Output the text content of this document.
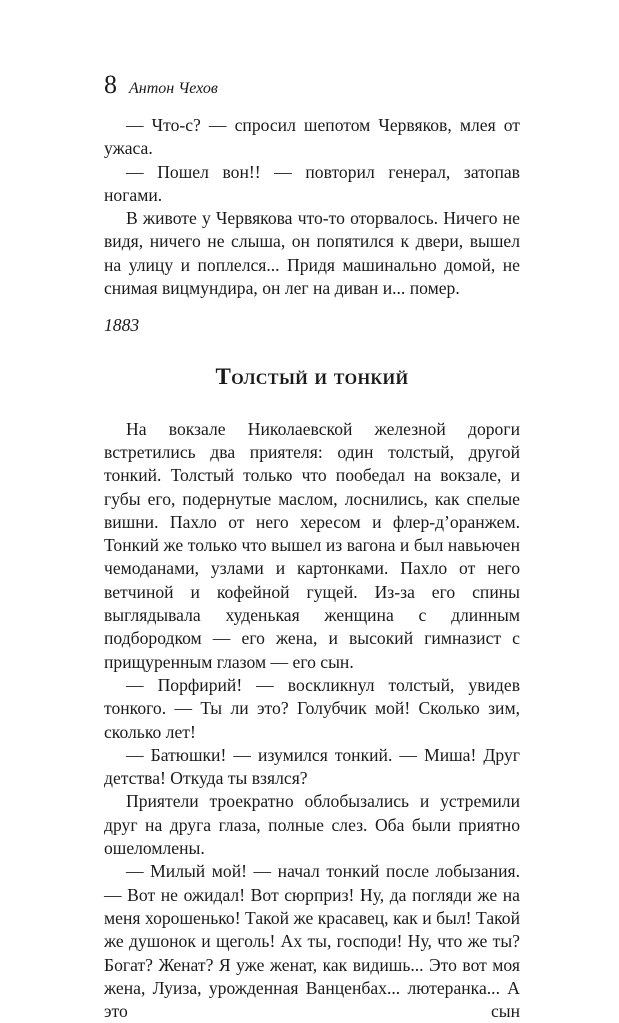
8 Антон Чехов

— Что-с? — спросил шепотом Червяков, млея от ужаса.

— Пошел вон!! — повторил генерал, затопав ногами.

В животе у Червякова что-то оторвалось. Ничего не видя, ничего не слыша, он попятился к двери, вышел на улицу и поплелся... Придя машинально домой, не снимая вицмундира, он лег на диван и... помер.

1883

Толстый и тонкий

На вокзале Николаевской железной дороги встретились два приятеля: один толстый, другой тонкий. Толстый только что пообедал на вокзале, и губы его, подернутые маслом, лоснились, как спелые вишни. Пахло от него хересом и флер-д’оранжем. Тонкий же только что вышел из вагона и был навьючен чемоданами, узлами и картонками. Пахло от него ветчиной и кофейной гущей. Из-за его спины выглядывала худенькая женщина с длинным подбородком — его жена, и высокий гимназист с прищуренным глазом — его сын.

— Порфирий! — воскликнул толстый, увидев тонкого. — Ты ли это? Голубчик мой! Сколько зим, сколько лет!

— Батюшки! — изумился тонкий. — Миша! Друг детства! Откуда ты взялся?

Приятели троекратно облобызались и устремили друг на друга глаза, полные слез. Оба были приятно ошеломлены.

— Милый мой! — начал тонкий после лобызания. — Вот не ожидал! Вот сюрприз! Ну, да погляди же на меня хорошенько! Такой же красавец, как и был! Такой же душонок и щеголь! Ах ты, господи! Ну, что же ты? Богат? Женат? Я уже женат, как видишь... Это вот моя жена, Луиза, урожденная Ванценбах... лютеранка... А это сын
